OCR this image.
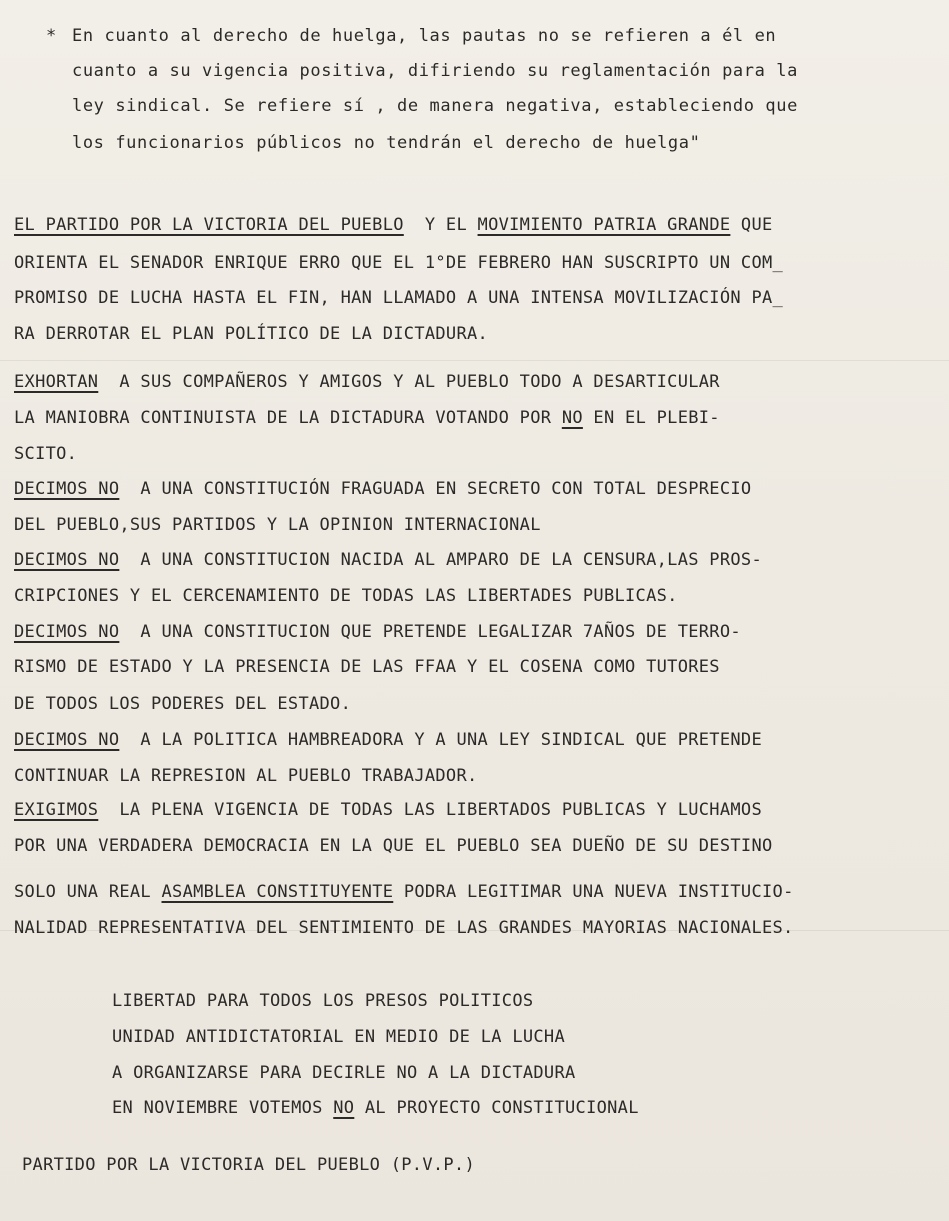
* En cuanto al derecho de huelga, las pautas no se refieren a él en
cuanto a su vigencia positiva, difiriendo su reglamentación para la
ley sindical. Se refiere sí , de manera negativa, estableciendo que
los funcionarios públicos no tendrán el derecho de huelga"
EL PARTIDO POR LA VICTORIA DEL PUEBLO  Y EL MOVIMIENTO PATRIA GRANDE QUE
ORIENTA EL SENADOR ENRIQUE ERRO QUE EL 1°DE FEBRERO HAN SUSCRIPTO UN COM_
PROMISO DE LUCHA HASTA EL FIN, HAN LLAMADO A UNA INTENSA MOVILIZACIÓN PA_
RA DERROTAR EL PLAN POLÍTICO DE LA DICTADURA.
EXHORTAN  A SUS COMPAÑEROS Y AMIGOS Y AL PUEBLO TODO A DESARTICULAR
LA MANIOBRA CONTINUISTA DE LA DICTADURA VOTANDO POR NO EN EL PLEBI-
SCITO.
DECIMOS NO  A UNA CONSTITUCIÓN FRAGUADA EN SECRETO CON TOTAL DESPRECIO
DEL PUEBLO,SUS PARTIDOS Y LA OPINION INTERNACIONAL
DECIMOS NO  A UNA CONSTITUCION NACIDA AL AMPARO DE LA CENSURA,LAS PROS-
CRIPCIONES Y EL CERCENAMIENTO DE TODAS LAS LIBERTADES PUBLICAS.
DECIMOS NO  A UNA CONSTITUCION QUE PRETENDE LEGALIZAR 7AÑOS DE TERRO-
RISMO DE ESTADO Y LA PRESENCIA DE LAS FFAA Y EL COSENA COMO TUTORES
DE TODOS LOS PODERES DEL ESTADO.
DECIMOS NO  A LA POLITICA HAMBREADORA Y A UNA LEY SINDICAL QUE PRETENDE
CONTINUAR LA REPRESION AL PUEBLO TRABAJADOR.
EXIGIMOS  LA PLENA VIGENCIA DE TODAS LAS LIBERTADOS PUBLICAS Y LUCHAMOS
POR UNA VERDADERA DEMOCRACIA EN LA QUE EL PUEBLO SEA DUEÑO DE SU DESTINO
SOLO UNA REAL ASAMBLEA CONSTITUYENTE PODRA LEGITIMAR UNA NUEVA INSTITUCIO-
NALIDAD REPRESENTATIVA DEL SENTIMIENTO DE LAS GRANDES MAYORIAS NACIONALES.
LIBERTAD PARA TODOS LOS PRESOS POLITICOS
UNIDAD ANTIDICTATORIAL EN MEDIO DE LA LUCHA
A ORGANIZARSE PARA DECIRLE NO A LA DICTADURA
EN NOVIEMBRE VOTEMOS NO AL PROYECTO CONSTITUCIONAL
PARTIDO POR LA VICTORIA DEL PUEBLO (P.V.P.)
